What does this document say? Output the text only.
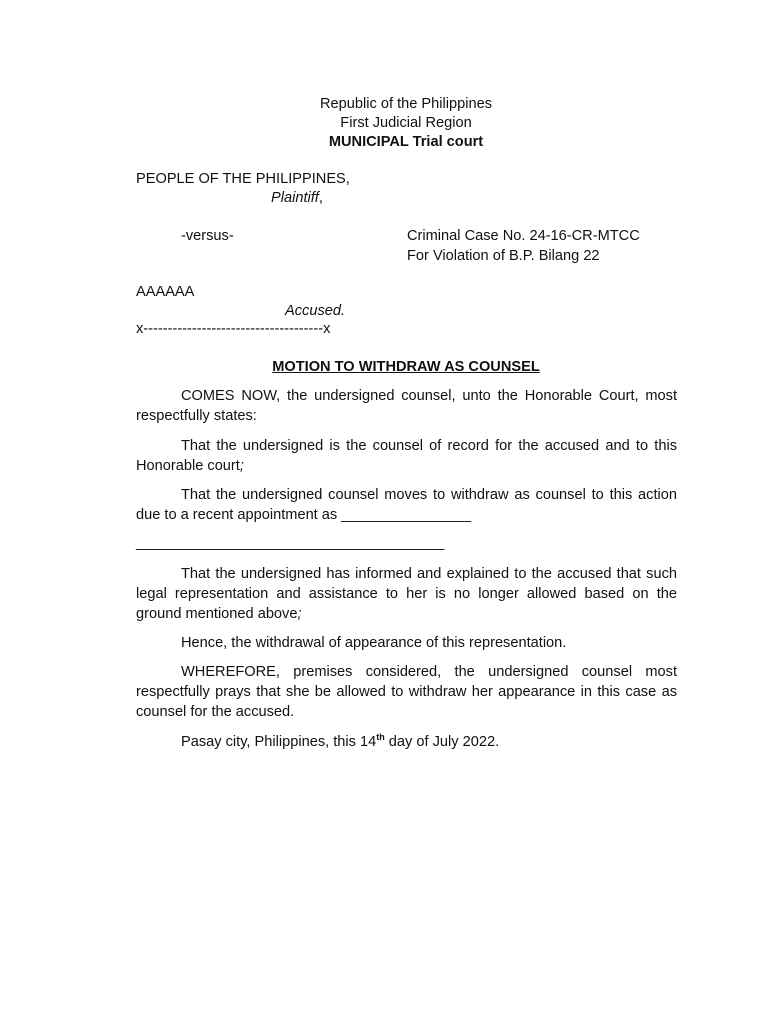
Republic of the Philippines
First Judicial Region
MUNICIPAL Trial court
PEOPLE OF THE PHILIPPINES,
Plaintiff,
-versus-	Criminal Case No. 24-16-CR-MTCC
For Violation of B.P. Bilang 22
AAAAAA
Accused.
x-------------------------------------x
MOTION TO WITHDRAW AS COUNSEL

COMES NOW, the undersigned counsel, unto the Honorable Court, most respectfully states:

That the undersigned is the counsel of record for the accused and to this Honorable court;

That the undersigned counsel moves to withdraw as counsel to this action due to a recent appointment as ________________

______________________________________

That the undersigned has informed and explained to the accused that such legal representation and assistance to her is no longer allowed based on the ground mentioned above;

Hence, the withdrawal of appearance of this representation.

WHEREFORE, premises considered, the undersigned counsel most respectfully prays that she be allowed to withdraw her appearance in this case as counsel for the accused.

Pasay city, Philippines, this 14th day of July 2022.
